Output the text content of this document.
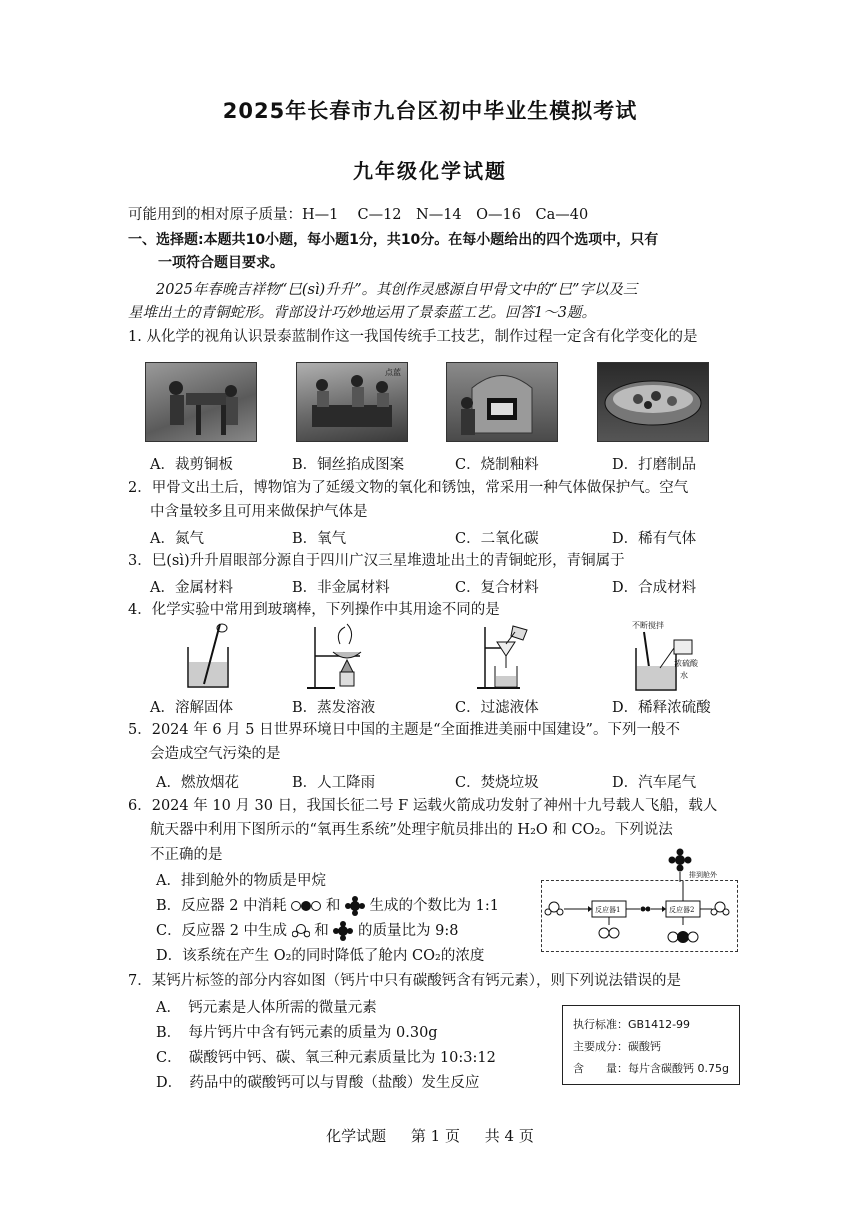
2025年长春市九台区初中毕业生模拟考试
九年级化学试题
可能用到的相对原子质量：H—1　 C—12　N—14　O—16　Ca—40
一、选择题:本题共10小题，每小题1分，共10分。在每小题给出的四个选项中，只有
一项符合题目要求。
2025年春晚吉祥物“巳(sì)升升”。其创作灵感源自甲骨文中的“巳”字以及三
星堆出土的青铜蛇形。背部设计巧妙地运用了景泰蓝工艺。回答1～3题。
1. 从化学的视角认识景泰蓝制作这一我国传统手工技艺，制作过程一定含有化学变化的是
点蓝
A．裁剪铜板	B．铜丝掐成图案	C．烧制釉料	D．打磨制品
2．甲骨文出土后，博物馆为了延缓文物的氧化和锈蚀，常采用一种气体做保护气。空气
中含量较多且可用来做保护气体是
A．氮气	B．氧气	C．二氧化碳	D．稀有气体
3．巳(sì)升升眉眼部分源自于四川广汉三星堆遗址出土的青铜蛇形，青铜属于
A．金属材料	B．非金属材料	C．复合材料	D．合成材料
4．化学实验中常用到玻璃棒，下列操作中其用途不同的是
不断搅拌
浓硫酸
水
A．溶解固体	B．蒸发溶液	C．过滤液体	D．稀释浓硫酸
5．2024 年 6 月 5 日世界环境日中国的主题是“全面推进美丽中国建设”。下列一般不
会造成空气污染的是
A．燃放烟花	B．人工降雨	C．焚烧垃圾	D．汽车尾气
6．2024 年 10 月 30 日，我国长征二号 F 运载火箭成功发射了神州十九号载人飞船，载人
航天器中利用下图所示的“氧再生系统”处理宇航员排出的 H₂O 和 CO₂。下列说法
不正确的是
A．排到舱外的物质是甲烷
B．反应器 2 中消耗	和 生成的个数比为 1:1
C．反应器 2 中生成 和 的质量比为 9:8
D．该系统在产生 O₂的同时降低了舱内 CO₂的浓度
排到舱外
反应器1	反应器2
7．某钙片标签的部分内容如图（钙片中只有碳酸钙含有钙元素），则下列说法错误的是
A．　钙元素是人体所需的微量元素
B．　每片钙片中含有钙元素的质量为 0.30g
C．　碳酸钙中钙、碳、氧三种元素质量比为 10:3:12
D．　药品中的碳酸钙可以与胃酸（盐酸）发生反应
执行标准：GB1412-99
主要成分：碳酸钙
含　　量：每片含碳酸钙 0.75g
化学试题 第 1 页 共 4 页
